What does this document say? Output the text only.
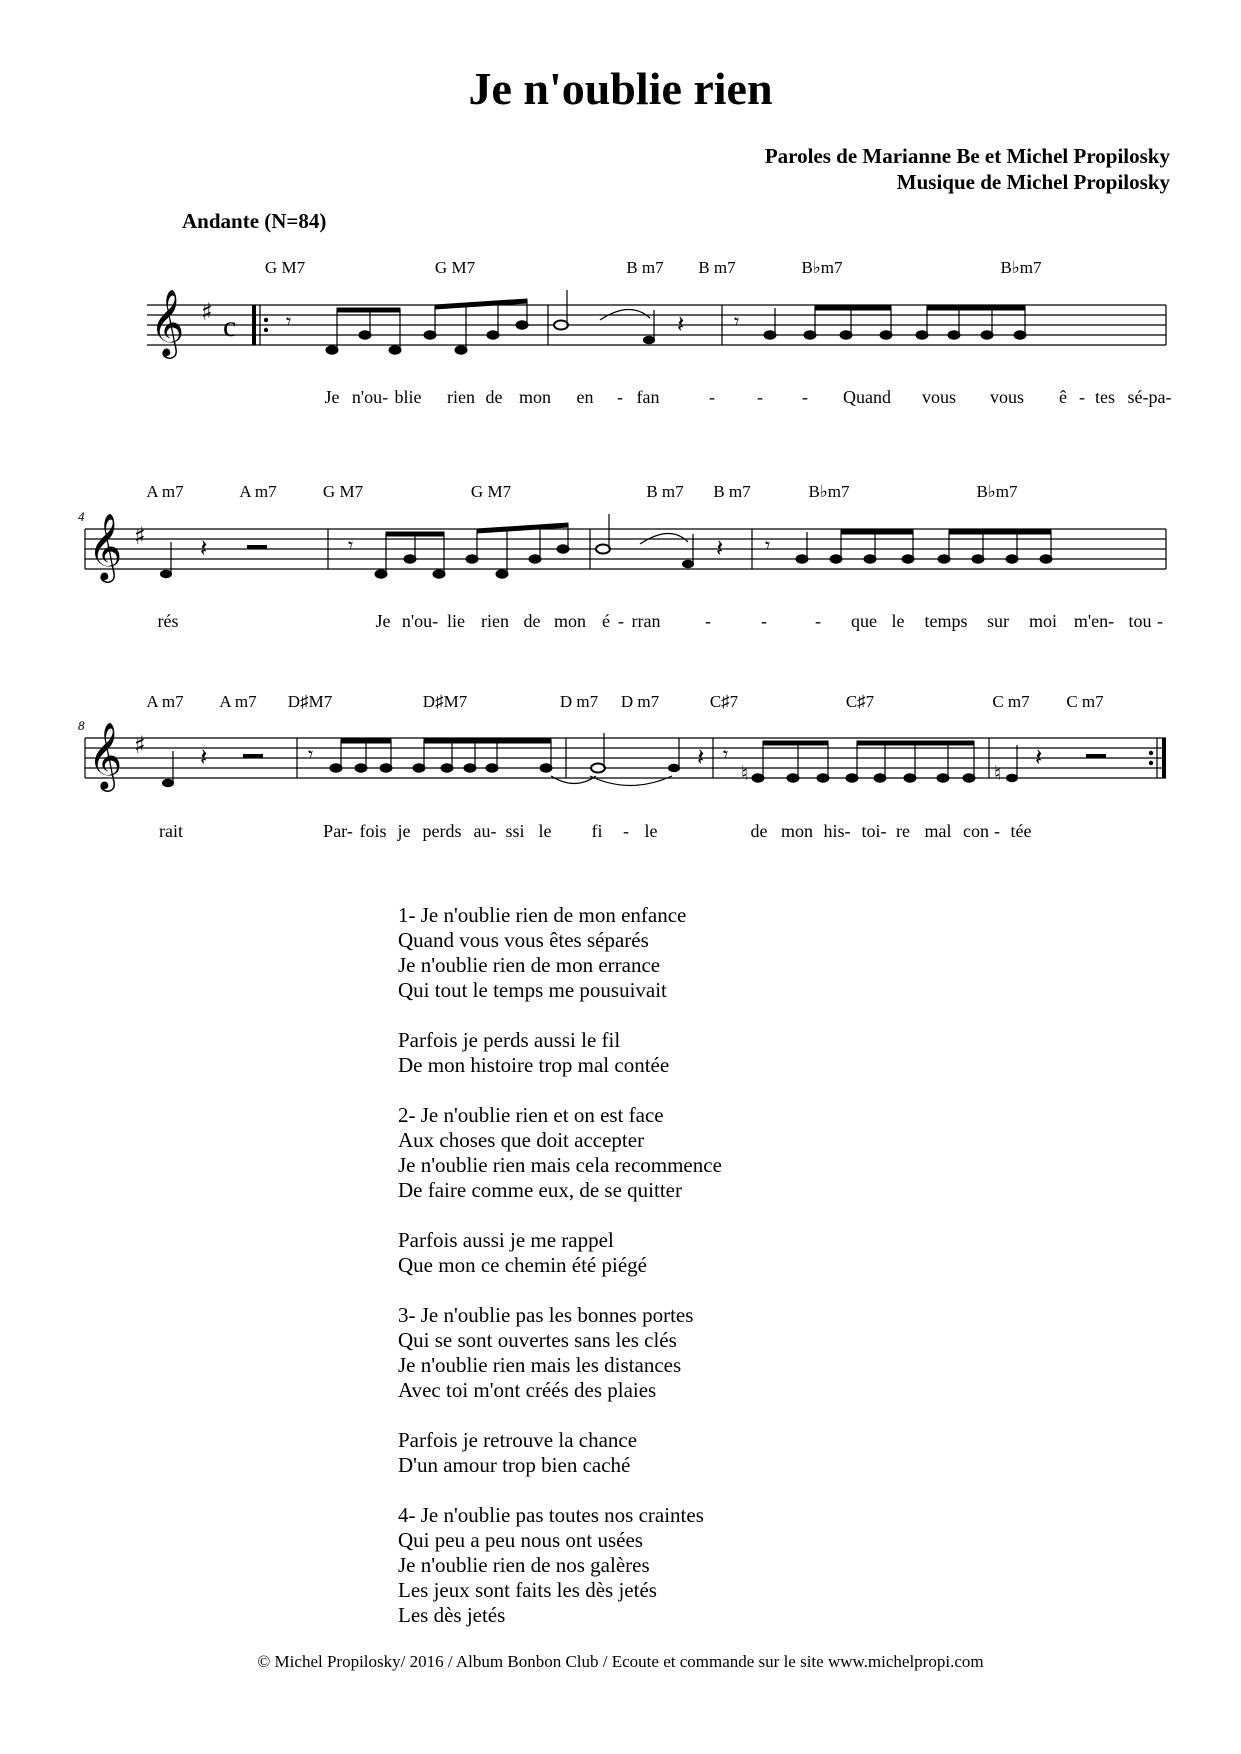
Je n'oublie rien
Paroles de Marianne Be et Michel Propilosky
Musique de Michel Propilosky
Andante (N=84)
G M7	G M7	B m7 B m7	B♭m7	B♭m7
𝄞 ♯ c 𝄾	𝄽 𝄾
Je n'ou- blie rien de mon en - fan	- - - Quand vous vous ê - tes sé- pa-
4
A m7	A m7	G M7	G M7	B m7 B m7	B♭m7	B♭m7
𝄞 ♯ 𝄽	𝄾	𝄽 𝄾
rés	Je n'ou- lie rien de mon é - rran -	-	- que le temps sur moi m'en- tou -
8
A m7 A m7 D♯M7	D♯M7	D m7 D m7	C♯7	C♯7	C m7 C m7
𝄞 ♯ 𝄽	𝄾	𝄽 𝄾
♮	♮
𝄽
rait	Par- fois je perds au- ssi le fi - le	de mon his- toi- re mal con - tée
1- Je n'oublie rien de mon enfance
Quand vous vous êtes séparés
Je n'oublie rien de mon errance
Qui tout le temps me pousuivait
Parfois je perds aussi le fil
De mon histoire trop mal contée
2- Je n'oublie rien et on est face
Aux choses que doit accepter
Je n'oublie rien mais cela recommence
De faire comme eux, de se quitter
Parfois aussi je me rappel
Que mon ce chemin été piégé
3- Je n'oublie pas les bonnes portes
Qui se sont ouvertes sans les clés
Je n'oublie rien mais les distances
Avec toi m'ont créés des plaies
Parfois je retrouve la chance
D'un amour trop bien caché
4- Je n'oublie pas toutes nos craintes
Qui peu a peu nous ont usées
Je n'oublie rien de nos galères
Les jeux sont faits les dès jetés
Les dès jetés
© Michel Propilosky/ 2016 / Album Bonbon Club / Ecoute et commande sur le site www.michelpropi.com
